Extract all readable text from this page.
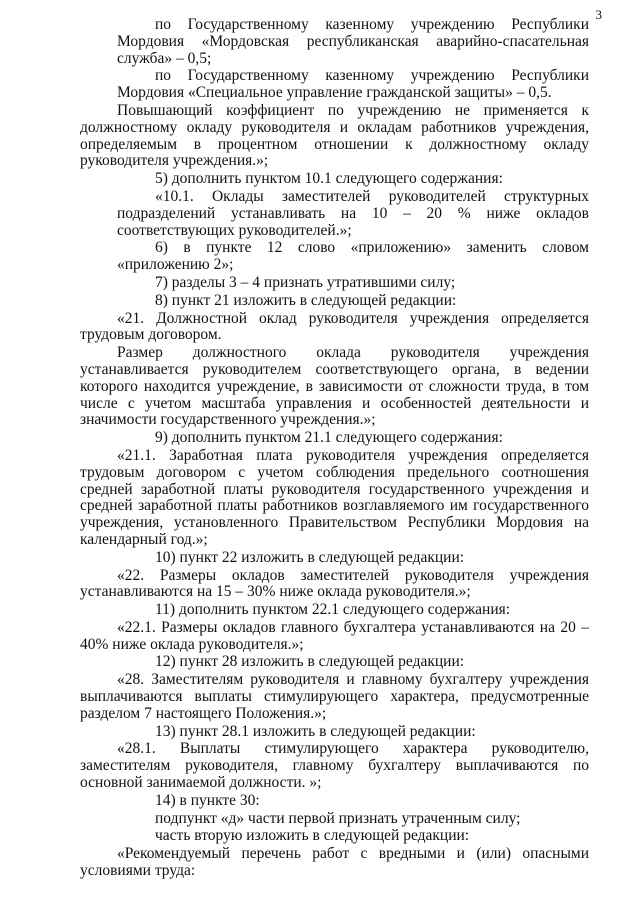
3

по Государственному казенному учреждению Республики Мордовия «Мордовская республиканская аварийно-спасательная служба» – 0,5;

по Государственному казенному учреждению Республики Мордовия «Специальное управление гражданской защиты» – 0,5.

Повышающий коэффициент по учреждению не применяется к должностному окладу руководителя и окладам работников учреждения, определяемым в процентном отношении к должностному окладу руководителя учреждения.»;

5) дополнить пунктом 10.1 следующего содержания:

«10.1. Оклады заместителей руководителей структурных подразделений устанавливать на 10 – 20 % ниже окладов соответствующих руководителей.»;

6) в пункте 12 слово «приложению» заменить словом «приложению 2»;

7) разделы 3 – 4 признать утратившими силу;

8) пункт 21 изложить в следующей редакции:

«21. Должностной оклад руководителя учреждения определяется трудовым договором.

Размер должностного оклада руководителя учреждения устанавливается руководителем соответствующего органа, в ведении которого находится учреждение, в зависимости от сложности труда, в том числе с учетом масштаба управления и особенностей деятельности и значимости государственного учреждения.»;

9) дополнить пунктом 21.1 следующего содержания:

«21.1. Заработная плата руководителя учреждения определяется трудовым договором с учетом соблюдения предельного соотношения средней заработной платы руководителя государственного учреждения и средней заработной платы работников возглавляемого им государственного учреждения, установленного Правительством Республики Мордовия на календарный год.»;

10) пункт 22 изложить в следующей редакции:

«22. Размеры окладов заместителей руководителя учреждения устанавливаются на 15 – 30% ниже оклада руководителя.»;

11) дополнить пунктом 22.1 следующего содержания:

«22.1. Размеры окладов главного бухгалтера устанавливаются на 20 – 40% ниже оклада руководителя.»;

12) пункт 28 изложить в следующей редакции:

«28. Заместителям руководителя и главному бухгалтеру учреждения выплачиваются выплаты стимулирующего характера, предусмотренные разделом 7 настоящего Положения.»;

13) пункт 28.1 изложить в следующей редакции:

«28.1. Выплаты стимулирующего характера руководителю, заместителям руководителя, главному бухгалтеру выплачиваются по основной занимаемой должности. »;

14) в пункте 30:

подпункт «д» части первой признать утраченным силу;

часть вторую изложить в следующей редакции:

«Рекомендуемый перечень работ с вредными и (или) опасными условиями труда:
